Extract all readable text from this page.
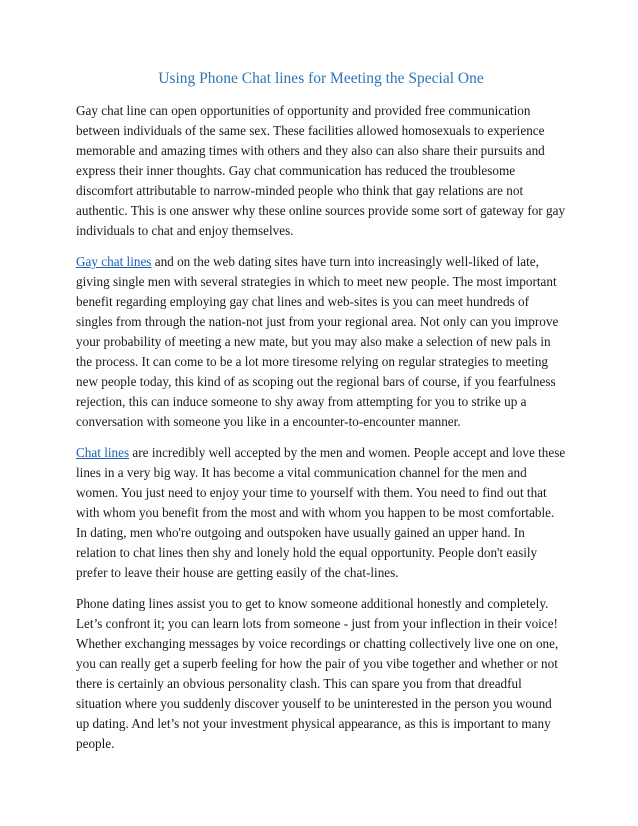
Using Phone Chat lines for Meeting the Special One

Gay chat line can open opportunities of opportunity and provided free communication between individuals of the same sex. These facilities allowed homosexuals to experience memorable and amazing times with others and they also can also share their pursuits and express their inner thoughts. Gay chat communication has reduced the troublesome discomfort attributable to narrow-minded people who think that gay relations are not authentic. This is one answer why these online sources provide some sort of gateway for gay individuals to chat and enjoy themselves.

Gay chat lines and on the web dating sites have turn into increasingly well-liked of late, giving single men with several strategies in which to meet new people. The most important benefit regarding employing gay chat lines and web-sites is you can meet hundreds of singles from through the nation-not just from your regional area. Not only can you improve your probability of meeting a new mate, but you may also make a selection of new pals in the process. It can come to be a lot more tiresome relying on regular strategies to meeting new people today, this kind of as scoping out the regional bars of course, if you fearfulness rejection, this can induce someone to shy away from attempting for you to strike up a conversation with someone you like in a encounter-to-encounter manner.

Chat lines are incredibly well accepted by the men and women. People accept and love these lines in a very big way. It has become a vital communication channel for the men and women. You just need to enjoy your time to yourself with them. You need to find out that with whom you benefit from the most and with whom you happen to be most comfortable. In dating, men who're outgoing and outspoken have usually gained an upper hand. In relation to chat lines then shy and lonely hold the equal opportunity. People don't easily prefer to leave their house are getting easily of the chat-lines.

Phone dating lines assist you to get to know someone additional honestly and completely. Let’s confront it; you can learn lots from someone - just from your inflection in their voice! Whether exchanging messages by voice recordings or chatting collectively live one on one, you can really get a superb feeling for how the pair of you vibe together and whether or not there is certainly an obvious personality clash. This can spare you from that dreadful situation where you suddenly discover youself to be uninterested in the person you wound up dating. And let’s not your investment physical appearance, as this is important to many people.
